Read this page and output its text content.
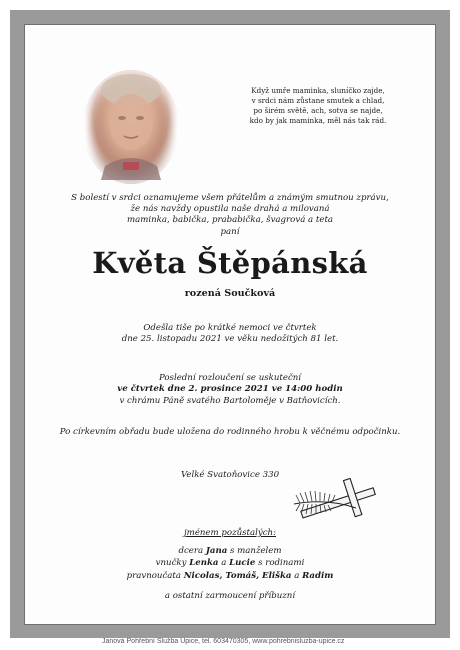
Když umře maminka, sluníčko zajde,
v srdci nám zůstane smutek a chlad,
po širém světě, ach, sotva se najde,
kdo by jak maminka, měl nás tak rád.
S bolestí v srdci oznamujeme všem přátelům a známým smutnou zprávu,
že nás navždy opustila naše drahá a milovaná
maminka, babička, prababička, švagrová a teta
paní
Květa Štěpánská
rozená Součková
Odešla tiše po krátké nemoci ve čtvrtek
dne 25. listopadu 2021 ve věku nedožitých 81 let.
Poslední rozloučení se uskuteční
ve čtvrtek dne 2. prosince 2021 ve 14:00 hodin
v chrámu Páně svatého Bartoloměje v Batňovicích.
Po církevním obřadu bude uložena do rodinného hrobu k věčnému odpočinku.
Velké Svatoňovice 330
jménem pozůstalých:
dcera Jana s manželem
vnučky Lenka a Lucie s rodinami
pravnoučata Nicolas, Tomáš, Eliška a Radim
a ostatní zarmoucení příbuzní
Janová Pohřební Služba Úpice, tel. 603470305, www.pohrebnisluzba-upice.cz
